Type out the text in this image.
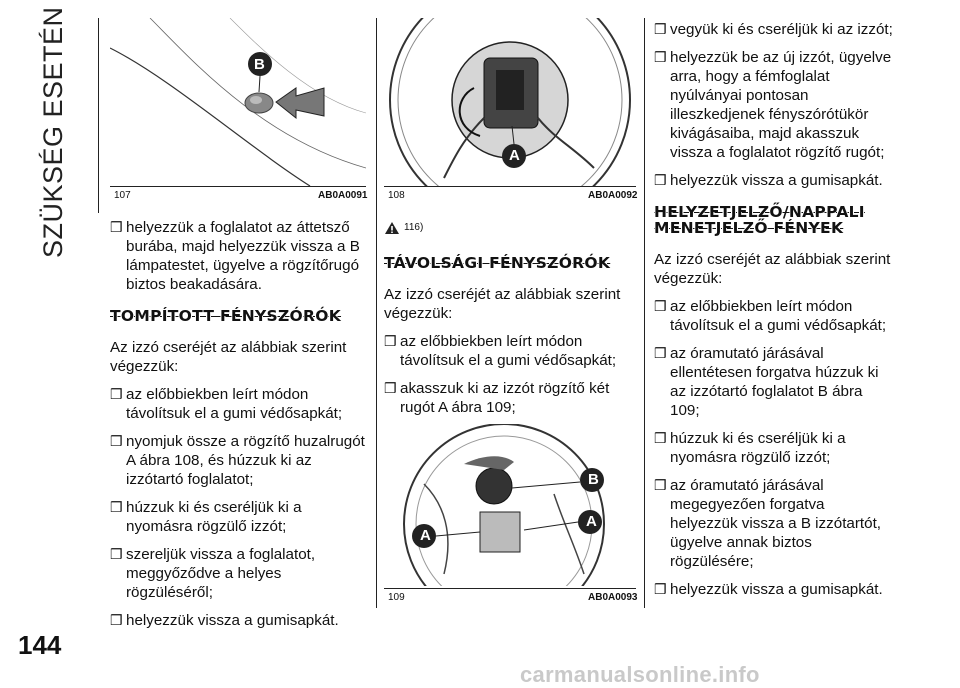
SZÜKSÉG ESETÉN
144
B
107	AB0A0091
A
108	AB0A0092
B
A
A
109	AB0A0093
❒ helyezzük a foglalatot az áttetsző burába, majd helyezzük vissza a B lámpatestet, ügyelve a rögzítőrugó biztos beakadására.
TOMPÍTOTT FÉNYSZÓRÓK

Az izzó cseréjét az alábbiak szerint végezzük:

❒ az előbbiekben leírt módon távolítsuk el a gumi védősapkát;
❒ nyomjuk össze a rögzítő huzalrugót A ábra 108, és húzzuk ki az izzótartó foglalatot;
❒ húzzuk ki és cseréljük ki a nyomásra rögzülő izzót;
❒ szereljük vissza a foglalatot, meggyőződve a helyes rögzüléséről;
❒ helyezzük vissza a gumisapkát.
116)
TÁVOLSÁGI FÉNYSZÓRÓK

Az izzó cseréjét az alábbiak szerint végezzük:

❒ az előbbiekben leírt módon távolítsuk el a gumi védősapkát;
❒ akasszuk ki az izzót rögzítő két rugót A ábra 109;
❒ vegyük ki és cseréljük ki az izzót;
❒ helyezzük be az új izzót, ügyelve arra, hogy a fémfoglalat nyúlványai pontosan illeszkedjenek fényszórótükör kivágásaiba, majd akasszuk vissza a foglalatot rögzítő rugót;
❒ helyezzük vissza a gumisapkát.
HELYZETJELZŐ/NAPPALI MENETJELZŐ FÉNYEK

Az izzó cseréjét az alábbiak szerint végezzük:

❒ az előbbiekben leírt módon távolítsuk el a gumi védősapkát;
❒ az óramutató járásával ellentétesen forgatva húzzuk ki az izzótartó foglalatot B ábra 109;
❒ húzzuk ki és cseréljük ki a nyomásra rögzülő izzót;
❒ az óramutató járásával megegyezően forgatva helyezzük vissza a B izzótartót, ügyelve annak biztos rögzülésére;
❒ helyezzük vissza a gumisapkát.
carmanualsonline.info
